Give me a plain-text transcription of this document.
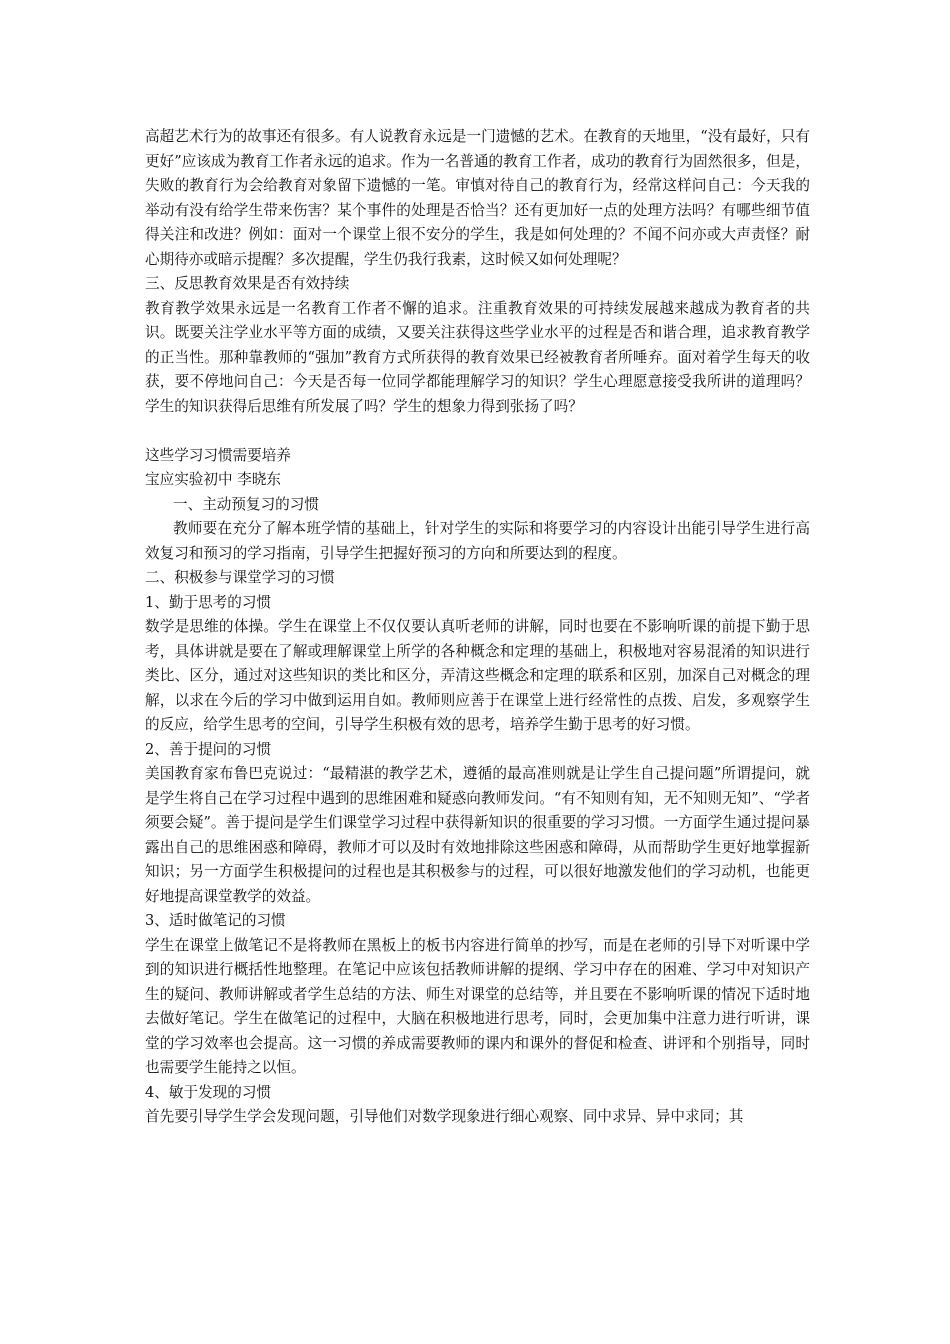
高超艺术行为的故事还有很多。有人说教育永远是一门遗憾的艺术。在教育的天地里，“没有最好，只有更好”应该成为教育工作者永远的追求。作为一名普通的教育工作者，成功的教育行为固然很多，但是，失败的教育行为会给教育对象留下遗憾的一笔。审慎对待自己的教育行为，经常这样问自己：今天我的举动有没有给学生带来伤害？某个事件的处理是否恰当？还有更加好一点的处理方法吗？有哪些细节值得关注和改进？例如：面对一个课堂上很不安分的学生，我是如何处理的？不闻不问亦或大声责怪？耐心期待亦或暗示提醒？多次提醒，学生仍我行我素，这时候又如何处理呢？

三、反思教育效果是否有效持续

教育教学效果永远是一名教育工作者不懈的追求。注重教育效果的可持续发展越来越成为教育者的共识。既要关注学业水平等方面的成绩，又要关注获得这些学业水平的过程是否和谐合理，追求教育教学的正当性。那种靠教师的“强加”教育方式所获得的教育效果已经被教育者所唾弃。面对着学生每天的收获，要不停地问自己：今天是否每一位同学都能理解学习的知识？学生心理愿意接受我所讲的道理吗？学生的知识获得后思维有所发展了吗？学生的想象力得到张扬了吗？

这些学习习惯需要培养

宝应实验初中 李晓东

一、主动预复习的习惯

教师要在充分了解本班学情的基础上，针对学生的实际和将要学习的内容设计出能引导学生进行高效复习和预习的学习指南，引导学生把握好预习的方向和所要达到的程度。

二、积极参与课堂学习的习惯

1、勤于思考的习惯

数学是思维的体操。学生在课堂上不仅仅要认真听老师的讲解，同时也要在不影响听课的前提下勤于思考，具体讲就是要在了解或理解课堂上所学的各种概念和定理的基础上，积极地对容易混淆的知识进行类比、区分，通过对这些知识的类比和区分，弄清这些概念和定理的联系和区别，加深自己对概念的理解，以求在今后的学习中做到运用自如。教师则应善于在课堂上进行经常性的点拨、启发，多观察学生的反应，给学生思考的空间，引导学生积极有效的思考，培养学生勤于思考的好习惯。

2、善于提问的习惯

美国教育家布鲁巴克说过：“最精湛的教学艺术，遵循的最高准则就是让学生自己提问题”所谓提问，就是学生将自己在学习过程中遇到的思维困难和疑惑向教师发问。“有不知则有知，无不知则无知”、“学者须要会疑”。善于提问是学生们课堂学习过程中获得新知识的很重要的学习习惯。一方面学生通过提问暴露出自己的思维困惑和障碍，教师才可以及时有效地排除这些困惑和障碍，从而帮助学生更好地掌握新知识；另一方面学生积极提问的过程也是其积极参与的过程，可以很好地激发他们的学习动机，也能更好地提高课堂教学的效益。

3、适时做笔记的习惯

学生在课堂上做笔记不是将教师在黑板上的板书内容进行简单的抄写，而是在老师的引导下对听课中学到的知识进行概括性地整理。在笔记中应该包括教师讲解的提纲、学习中存在的困难、学习中对知识产生的疑问、教师讲解或者学生总结的方法、师生对课堂的总结等，并且要在不影响听课的情况下适时地去做好笔记。学生在做笔记的过程中，大脑在积极地进行思考，同时，会更加集中注意力进行听讲，课堂的学习效率也会提高。这一习惯的养成需要教师的课内和课外的督促和检查、讲评和个别指导，同时也需要学生能持之以恒。

4、敏于发现的习惯

首先要引导学生学会发现问题，引导他们对数学现象进行细心观察、同中求异、异中求同；其
